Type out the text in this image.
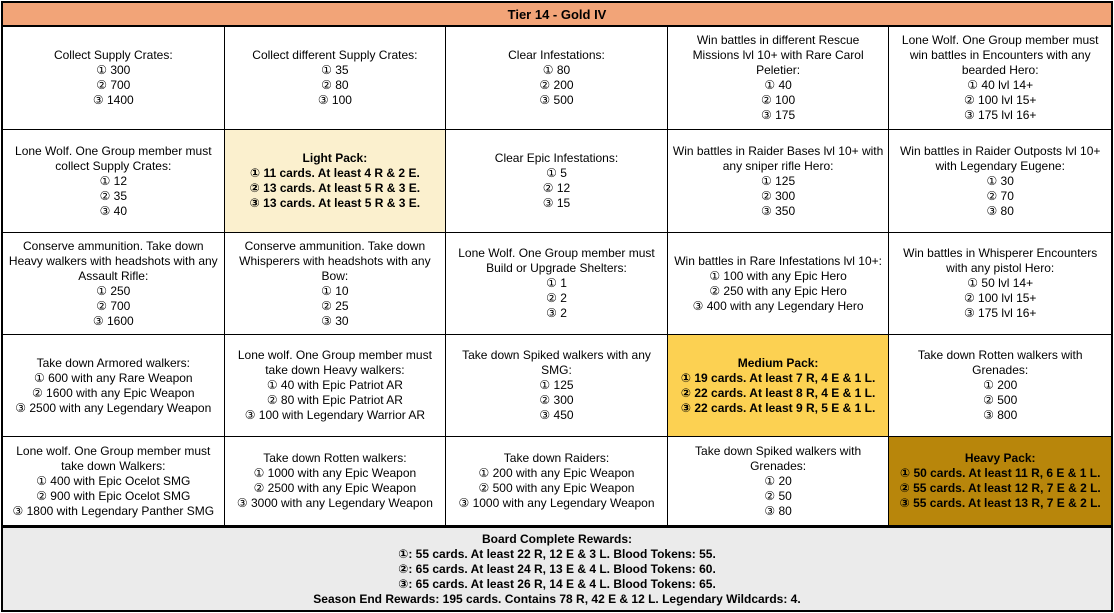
Tier 14 - Gold IV
Collect Supply Crates:
① 300
② 700
③ 1400
Collect different Supply Crates:
① 35
② 80
③ 100
Clear Infestations:
① 80
② 200
③ 500
Win battles in different Rescue Missions lvl 10+ with Rare Carol Peletier:
① 40
② 100
③ 175
Lone Wolf. One Group member must win battles in Encounters with any bearded Hero:
① 40 lvl 14+
② 100 lvl 15+
③ 175 lvl 16+
Lone Wolf. One Group member must collect Supply Crates:
① 12
② 35
③ 40
Light Pack:
① 11 cards. At least 4 R & 2 E.
② 13 cards. At least 5 R & 3 E.
③ 13 cards. At least 5 R & 3 E.
Clear Epic Infestations:
① 5
② 12
③ 15
Win battles in Raider Bases lvl 10+ with any sniper rifle Hero:
① 125
② 300
③ 350
Win battles in Raider Outposts lvl 10+ with Legendary Eugene:
① 30
② 70
③ 80
Conserve ammunition. Take down Heavy walkers with headshots with any Assault Rifle:
① 250
② 700
③ 1600
Conserve ammunition. Take down Whisperers with headshots with any Bow:
① 10
② 25
③ 30
Lone Wolf. One Group member must Build or Upgrade Shelters:
① 1
② 2
③ 2
Win battles in Rare Infestations lvl 10+:
① 100 with any Epic Hero
② 250 with any Epic Hero
③ 400 with any Legendary Hero
Win battles in Whisperer Encounters with any pistol Hero:
① 50 lvl 14+
② 100 lvl 15+
③ 175 lvl 16+
Take down Armored walkers:
① 600 with any Rare Weapon
② 1600 with any Epic Weapon
③ 2500 with any Legendary Weapon
Lone wolf. One Group member must take down Heavy walkers:
① 40 with Epic Patriot AR
② 80 with Epic Patriot AR
③ 100 with Legendary Warrior AR
Take down Spiked walkers with any SMG:
① 125
② 300
③ 450
Medium Pack:
① 19 cards. At least 7 R, 4 E & 1 L.
② 22 cards. At least 8 R, 4 E & 1 L.
③ 22 cards. At least 9 R, 5 E & 1 L.
Take down Rotten walkers with Grenades:
① 200
② 500
③ 800
Lone wolf. One Group member must take down Walkers:
① 400 with Epic Ocelot SMG
② 900 with Epic Ocelot SMG
③ 1800 with Legendary Panther SMG
Take down Rotten walkers:
① 1000 with any Epic Weapon
② 2500 with any Epic Weapon
③ 3000 with any Legendary Weapon
Take down Raiders:
① 200 with any Epic Weapon
② 500 with any Epic Weapon
③ 1000 with any Legendary Weapon
Take down Spiked walkers with Grenades:
① 20
② 50
③ 80
Heavy Pack:
① 50 cards. At least 11 R, 6 E & 1 L.
② 55 cards. At least 12 R, 7 E & 2 L.
③ 55 cards. At least 13 R, 7 E & 2 L.
Board Complete Rewards:
①: 55 cards. At least 22 R, 12 E & 3 L. Blood Tokens: 55.
②: 65 cards. At least 24 R, 13 E & 4 L. Blood Tokens: 60.
③: 65 cards. At least 26 R, 14 E & 4 L. Blood Tokens: 65.
Season End Rewards: 195 cards. Contains 78 R, 42 E & 12 L. Legendary Wildcards: 4.
